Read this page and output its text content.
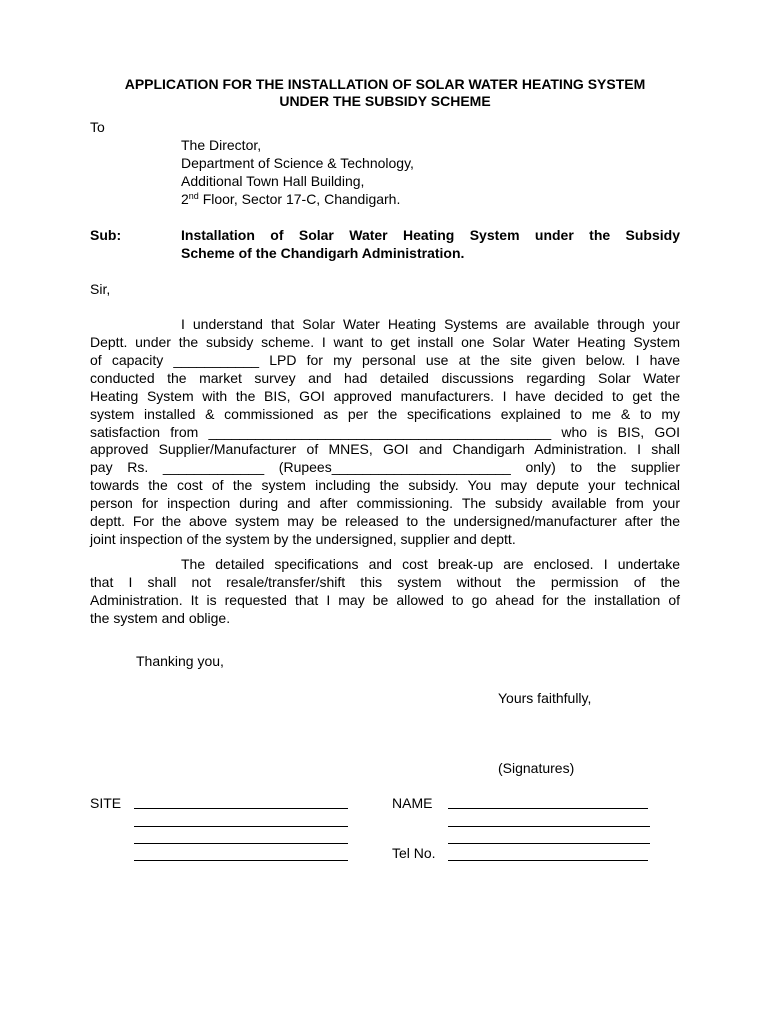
APPLICATION FOR THE INSTALLATION OF SOLAR WATER HEATING SYSTEM
UNDER THE SUBSIDY SCHEME
To
The Director,
Department of Science & Technology,
Additional Town Hall Building,
2nd Floor, Sector 17-C, Chandigarh.
Sub:	Installation of Solar Water Heating System under the Subsidy
Scheme of the Chandigarh Administration.
Sir,
I understand that Solar Water Heating Systems are available through your
Deptt. under the subsidy scheme. I want to get install one Solar Water Heating System
of capacity ___________ LPD for my personal use at the site given below. I have
conducted the market survey and had detailed discussions regarding Solar Water
Heating System with the BIS, GOI approved manufacturers. I have decided to get the
system installed & commissioned as per the specifications explained to me & to my
satisfaction from ____________________________________________ who is BIS, GOI
approved Supplier/Manufacturer of MNES, GOI and Chandigarh Administration. I shall
pay Rs. _____________ (Rupees_______________________ only) to the supplier
towards the cost of the system including the subsidy. You may depute your technical
person for inspection during and after commissioning. The subsidy available from your
deptt. For the above system may be released to the undersigned/manufacturer after the
joint inspection of the system by the undersigned, supplier and deptt.
The detailed specifications and cost break-up are enclosed. I undertake
that I shall not resale/transfer/shift this system without the permission of the
Administration. It is requested that I may be allowed to go ahead for the installation of
the system and oblige.
Thanking you,
Yours faithfully,
(Signatures)
SITE	NAME
Tel No.
